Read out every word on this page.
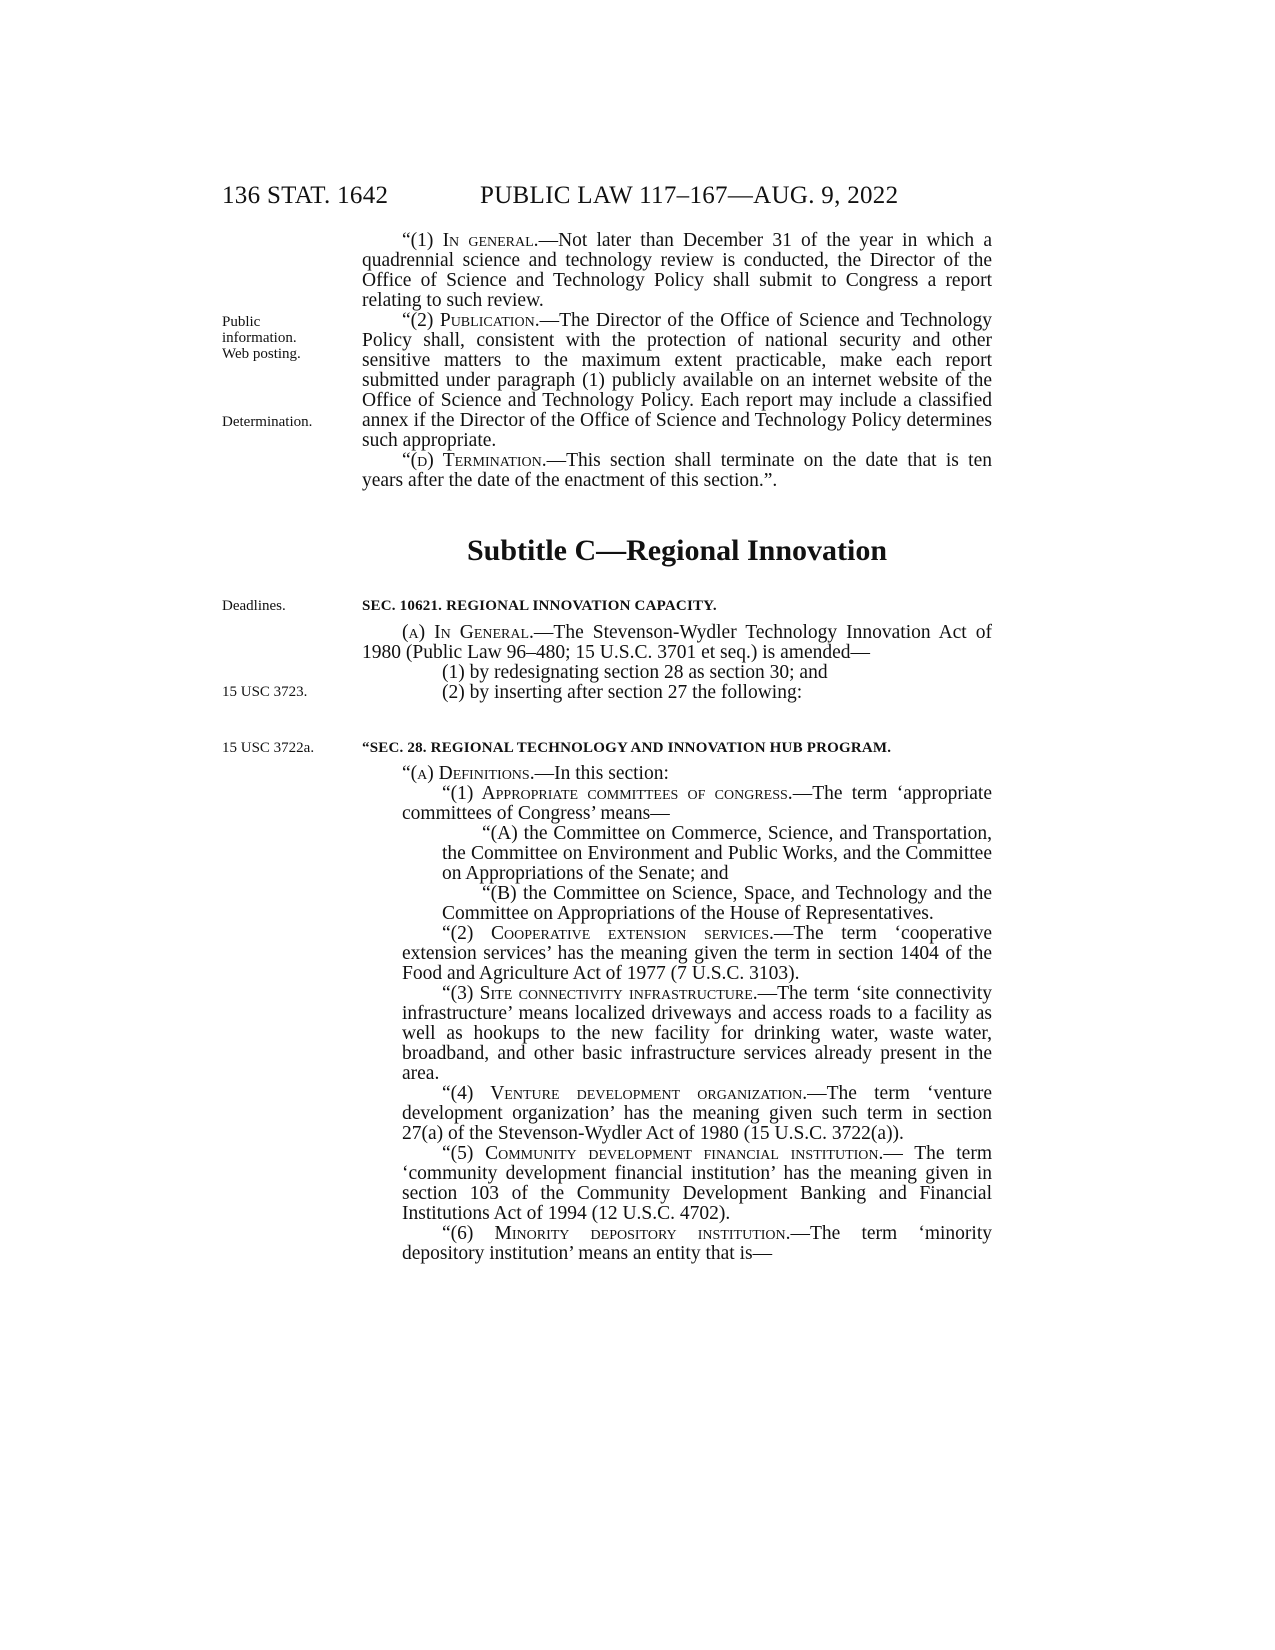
136 STAT. 1642	PUBLIC LAW 117–167—AUG. 9, 2022
Public
information.
Web posting.
Determination.
Deadlines.
15 USC 3723.
15 USC 3722a.

“(1) In general.—Not later than December 31 of the year in which a quadrennial science and technology review is conducted, the Director of the Office of Science and Technology Policy shall submit to Congress a report relating to such review.

“(2) Publication.—The Director of the Office of Science and Technology Policy shall, consistent with the protection of national security and other sensitive matters to the maximum extent practicable, make each report submitted under paragraph (1) publicly available on an internet website of the Office of Science and Technology Policy. Each report may include a classified annex if the Director of the Office of Science and Technology Policy determines such appropriate.

“(d) Termination.—This section shall terminate on the date that is ten years after the date of the enactment of this section.”.

Subtitle C—Regional Innovation
SEC. 10621. REGIONAL INNOVATION CAPACITY.

(a) In General.—The Stevenson-Wydler Technology Innovation Act of 1980 (Public Law 96–480; 15 U.S.C. 3701 et seq.) is amended—

(1) by redesignating section 28 as section 30; and

(2) by inserting after section 27 the following:

“SEC. 28. REGIONAL TECHNOLOGY AND INNOVATION HUB PROGRAM.

“(a) Definitions.—In this section:

“(1) Appropriate committees of congress.—The term ‘appropriate committees of Congress’ means—

“(A) the Committee on Commerce, Science, and Transportation, the Committee on Environment and Public Works, and the Committee on Appropriations of the Senate; and

“(B) the Committee on Science, Space, and Technology and the Committee on Appropriations of the House of Representatives.

“(2) Cooperative extension services.—The term ‘cooperative extension services’ has the meaning given the term in section 1404 of the Food and Agriculture Act of 1977 (7 U.S.C. 3103).

“(3) Site connectivity infrastructure.—The term ‘site connectivity infrastructure’ means localized driveways and access roads to a facility as well as hookups to the new facility for drinking water, waste water, broadband, and other basic infrastructure services already present in the area.

“(4) Venture development organization.—The term ‘venture development organization’ has the meaning given such term in section 27(a) of the Stevenson-Wydler Act of 1980 (15 U.S.C. 3722(a)).

“(5) Community development financial institution.— The term ‘community development financial institution’ has the meaning given in section 103 of the Community Development Banking and Financial Institutions Act of 1994 (12 U.S.C. 4702).

“(6) Minority depository institution.—The term ‘minority depository institution’ means an entity that is—
